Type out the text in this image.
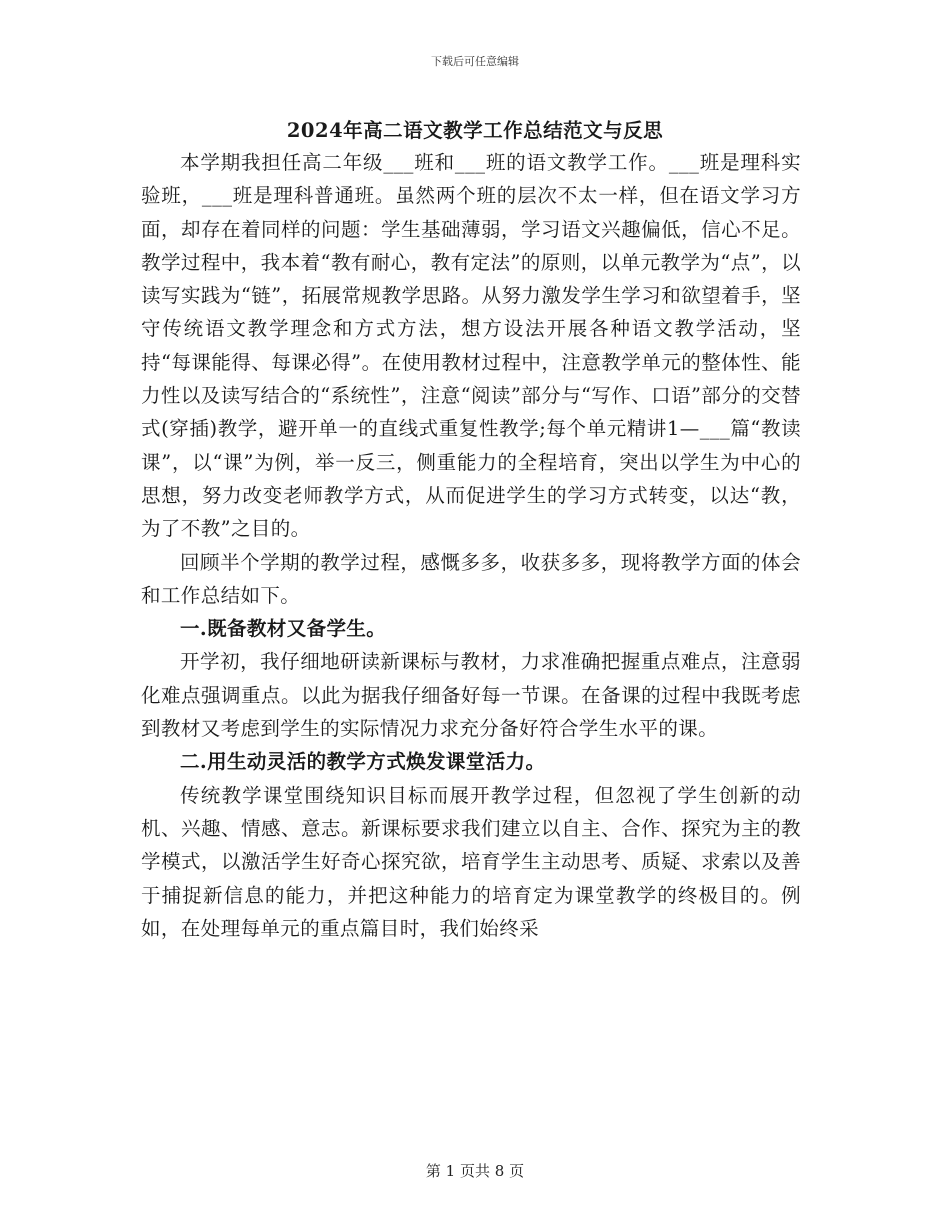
下载后可任意编辑
2024年高二语文教学工作总结范文与反思

本学期我担任高二年级___班和___班的语文教学工作。___班是理科实验班，___班是理科普通班。虽然两个班的层次不太一样，但在语文学习方面，却存在着同样的问题：学生基础薄弱，学习语文兴趣偏低，信心不足。教学过程中，我本着“教有耐心，教有定法”的原则，以单元教学为“点”，以读写实践为“链”，拓展常规教学思路。从努力激发学生学习和欲望着手，坚守传统语文教学理念和方式方法，想方设法开展各种语文教学活动，坚持“每课能得、每课必得”。在使用教材过程中，注意教学单元的整体性、能力性以及读写结合的“系统性”，注意“阅读”部分与“写作、口语”部分的交替式(穿插)教学，避开单一的直线式重复性教学;每个单元精讲1—___篇“教读课”，以“课”为例，举一反三，侧重能力的全程培育，突出以学生为中心的思想，努力改变老师教学方式，从而促进学生的学习方式转变，以达“教，为了不教”之目的。

回顾半个学期的教学过程，感慨多多，收获多多，现将教学方面的体会和工作总结如下。

一.既备教材又备学生。

开学初，我仔细地研读新课标与教材，力求准确把握重点难点，注意弱化难点强调重点。以此为据我仔细备好每一节课。在备课的过程中我既考虑到教材又考虑到学生的实际情况力求充分备好符合学生水平的课。

二.用生动灵活的教学方式焕发课堂活力。

传统教学课堂围绕知识目标而展开教学过程，但忽视了学生创新的动机、兴趣、情感、意志。新课标要求我们建立以自主、合作、探究为主的教学模式，以激活学生好奇心探究欲，培育学生主动思考、质疑、求索以及善于捕捉新信息的能力，并把这种能力的培育定为课堂教学的终极目的。例如，在处理每单元的重点篇目时，我们始终采

第 1 页共 8 页
